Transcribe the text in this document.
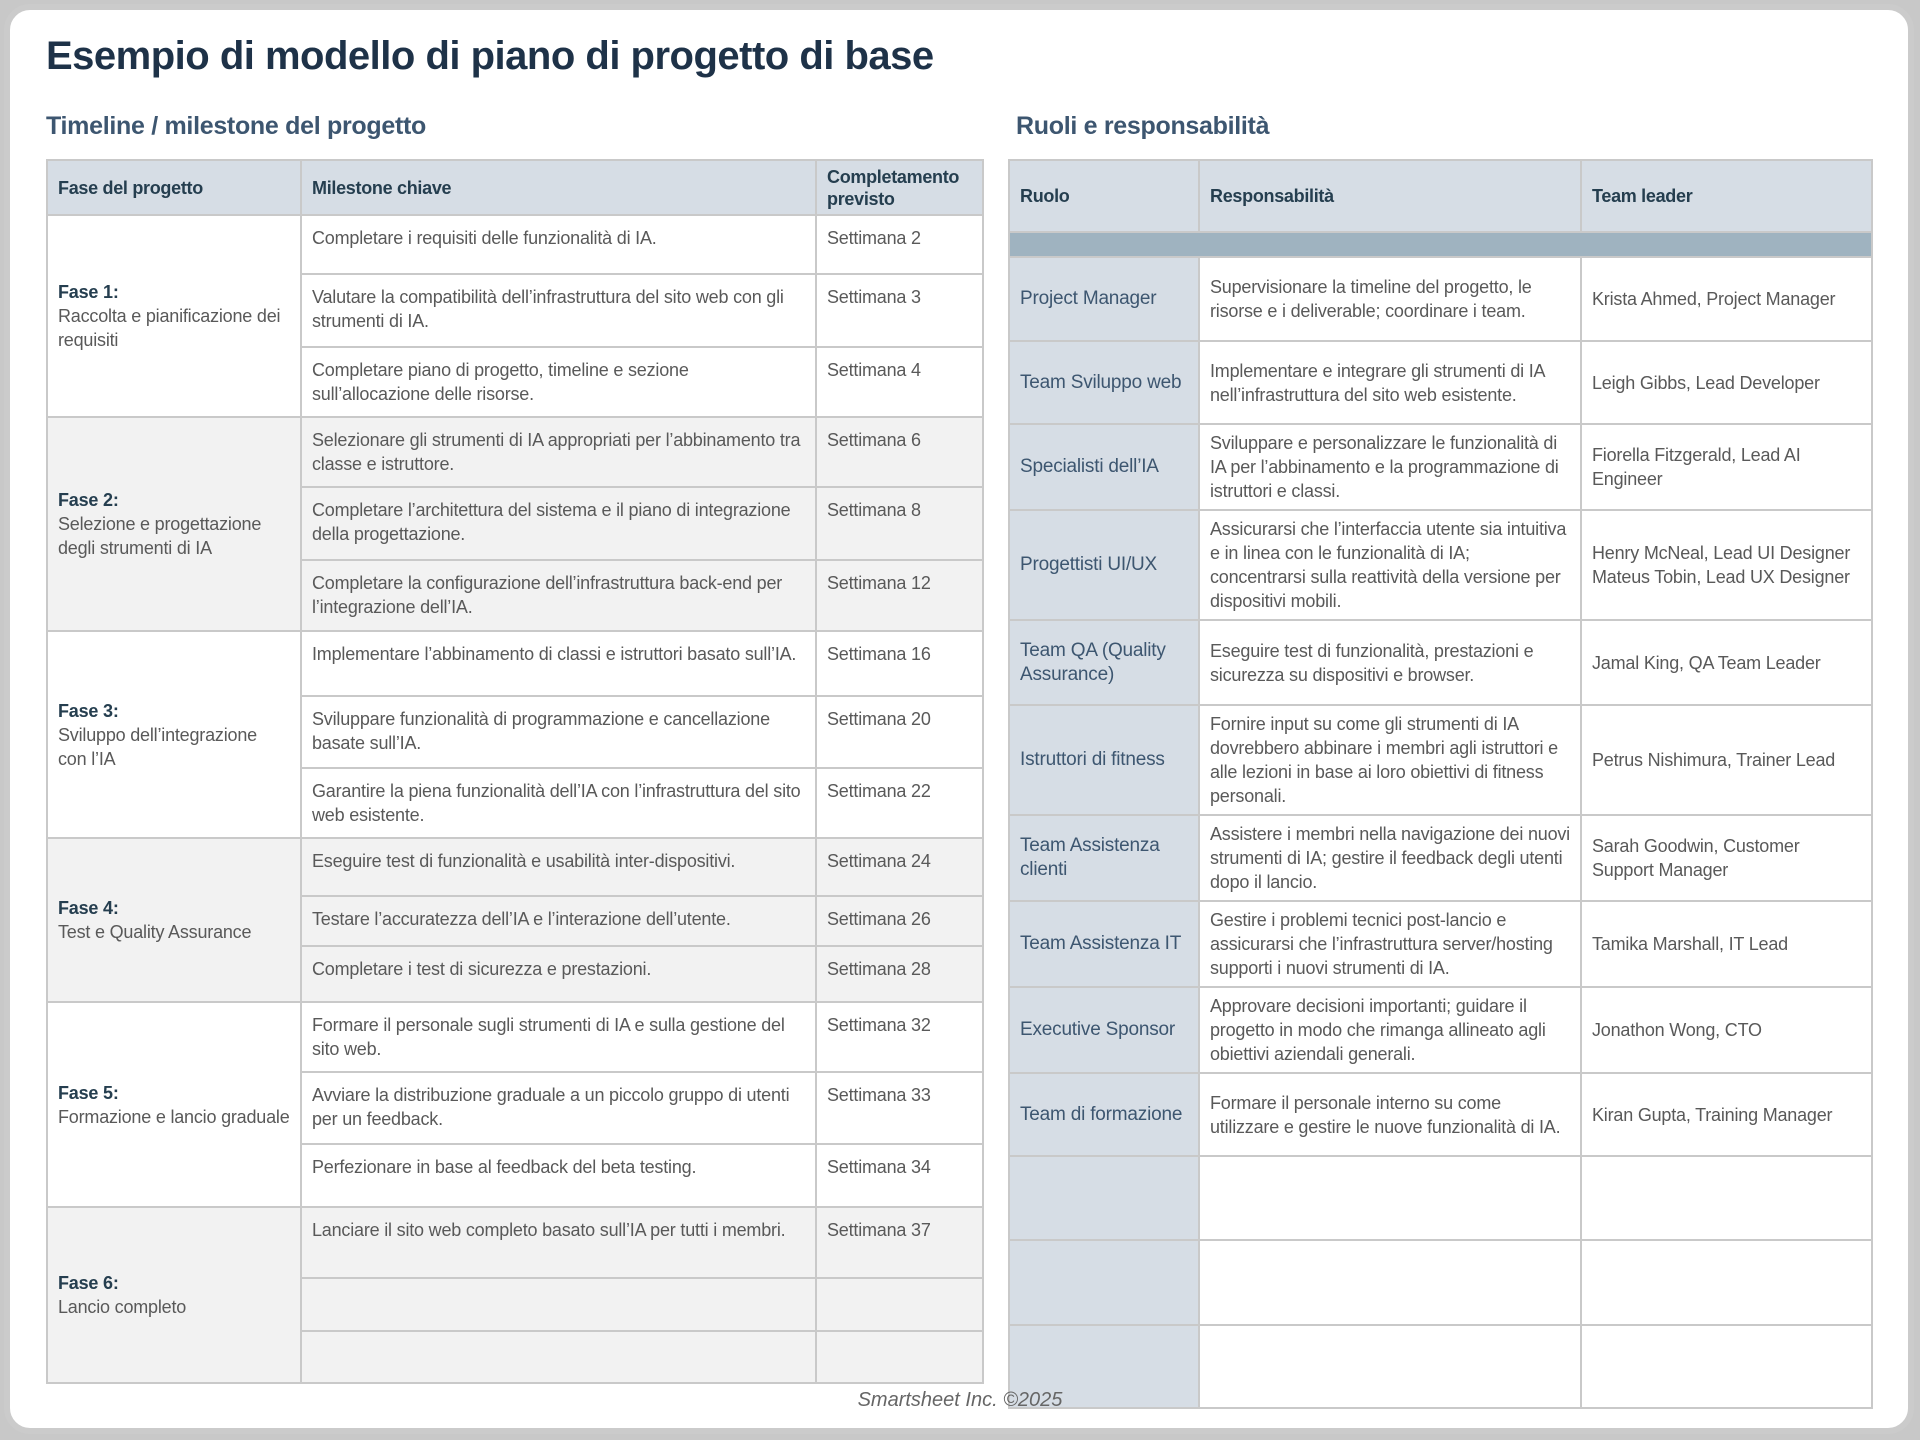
Esempio di modello di piano di progetto di base
Timeline / milestone del progetto	Ruoli e responsabilità
Fase del progetto	Milestone chiave	Completamento previsto

Fase 1:
Raccolta e pianificazione dei requisiti	Completare i requisiti delle funzionalità di IA.	Settimana 2
	Valutare la compatibilità dell’infrastruttura del sito web con gli strumenti di IA.	Settimana 3
	Completare piano di progetto, timeline e sezione sull’allocazione delle risorse.	Settimana 4

Fase 2:
Selezione e progettazione degli strumenti di IA	Selezionare gli strumenti di IA appropriati per l’abbinamento tra classe e istruttore.	Settimana 6
	Completare l’architettura del sistema e il piano di integrazione della progettazione.	Settimana 8
	Completare la configurazione dell’infrastruttura back-end per l’integrazione dell’IA.	Settimana 12

Fase 3:
Sviluppo dell’integrazione con l’IA	Implementare l’abbinamento di classi e istruttori basato sull’IA.	Settimana 16
	Sviluppare funzionalità di programmazione e cancellazione basate sull’IA.	Settimana 20
	Garantire la piena funzionalità dell’IA con l’infrastruttura del sito web esistente.	Settimana 22

Fase 4:
Test e Quality Assurance	Eseguire test di funzionalità e usabilità inter-dispositivi.	Settimana 24
	Testare l’accuratezza dell’IA e l’interazione dell’utente.	Settimana 26
	Completare i test di sicurezza e prestazioni.	Settimana 28

Fase 5:
Formazione e lancio graduale	Formare il personale sugli strumenti di IA e sulla gestione del sito web.	Settimana 32
	Avviare la distribuzione graduale a un piccolo gruppo di utenti per un feedback.	Settimana 33
	Perfezionare in base al feedback del beta testing.	Settimana 34

Fase 6:
Lancio completo	Lanciare il sito web completo basato sull’IA per tutti i membri.	Settimana 37

Ruolo	Responsabilità	Team leader

Project Manager	Supervisionare la timeline del progetto, le risorse e i deliverable; coordinare i team.	Krista Ahmed, Project Manager
Team Sviluppo web	Implementare e integrare gli strumenti di IA nell’infrastruttura del sito web esistente.	Leigh Gibbs, Lead Developer
Specialisti dell’IA	Sviluppare e personalizzare le funzionalità di IA per l’abbinamento e la programmazione di istruttori e classi.	Fiorella Fitzgerald, Lead AI Engineer
Progettisti UI/UX	Assicurarsi che l’interfaccia utente sia intuitiva e in linea con le funzionalità di IA; concentrarsi sulla reattività della versione per dispositivi mobili.	Henry McNeal, Lead UI Designer Mateus Tobin, Lead UX Designer
Team QA (Quality Assurance)	Eseguire test di funzionalità, prestazioni e sicurezza su dispositivi e browser.	Jamal King, QA Team Leader
Istruttori di fitness	Fornire input su come gli strumenti di IA dovrebbero abbinare i membri agli istruttori e alle lezioni in base ai loro obiettivi di fitness personali.	Petrus Nishimura, Trainer Lead
Team Assistenza clienti	Assistere i membri nella navigazione dei nuovi strumenti di IA; gestire il feedback degli utenti dopo il lancio.	Sarah Goodwin, Customer Support Manager
Team Assistenza IT	Gestire i problemi tecnici post-lancio e assicurarsi che l’infrastruttura server/hosting supporti i nuovi strumenti di IA.	Tamika Marshall, IT Lead
Executive Sponsor	Approvare decisioni importanti; guidare il progetto in modo che rimanga allineato agli obiettivi aziendali generali.	Jonathon Wong, CTO
Team di formazione	Formare il personale interno su come utilizzare e gestire le nuove funzionalità di IA.	Kiran Gupta, Training Manager

Smartsheet Inc. ©2025
